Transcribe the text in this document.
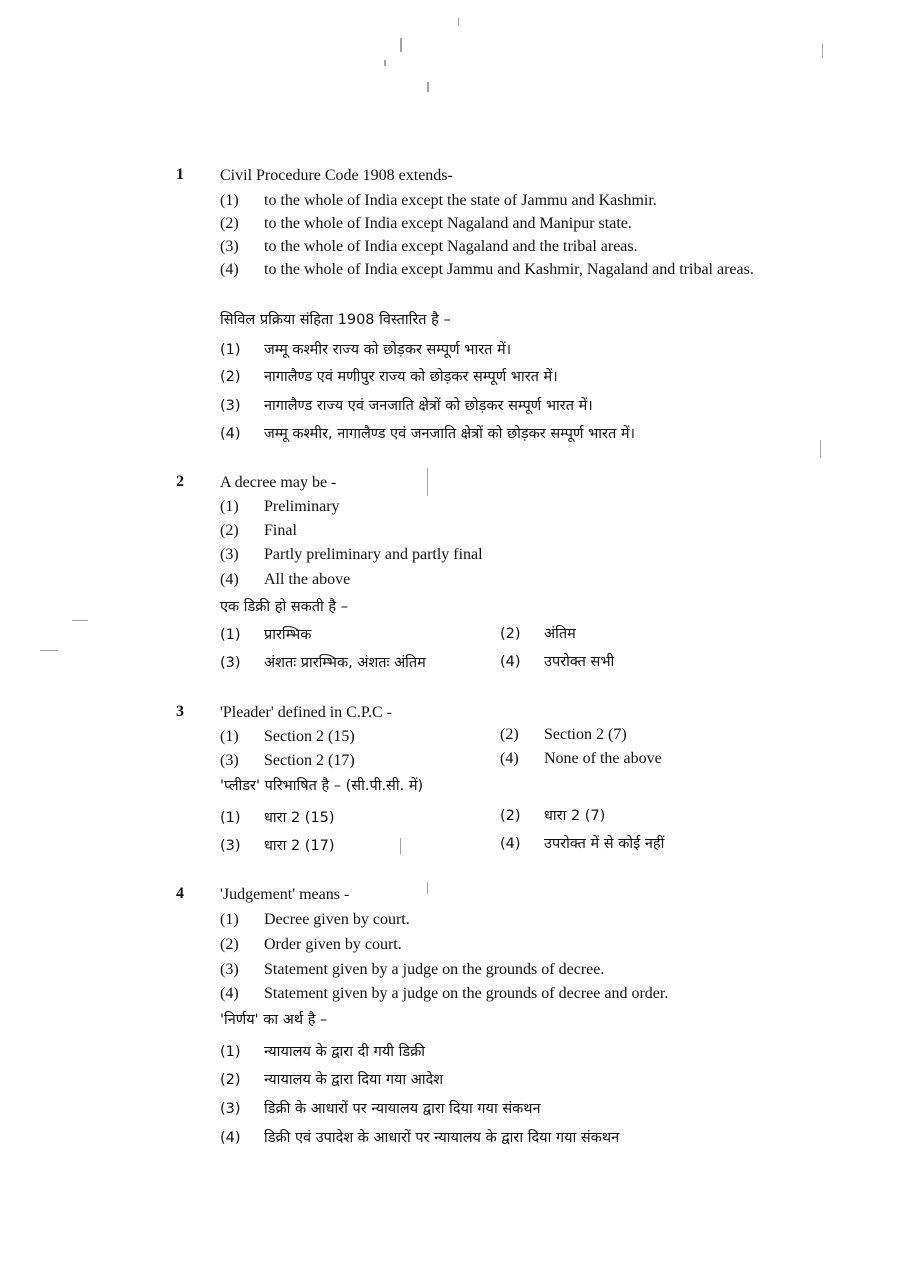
1 Civil Procedure Code 1908 extends-
(1) to the whole of India except the state of Jammu and Kashmir.
(2) to the whole of India except Nagaland and Manipur state.
(3) to the whole of India except Nagaland and the tribal areas.
(4) to the whole of India except Jammu and Kashmir, Nagaland and tribal areas.
सिविल प्रक्रिया संहिता 1908 विस्तारित है –
(1) जम्मू कश्मीर राज्य को छोड़कर सम्पूर्ण भारत में।
(2) नागालैण्ड एवं मणीपुर राज्य को छोड़कर सम्पूर्ण भारत में।
(3) नागालैण्ड राज्य एवं जनजाति क्षेत्रों को छोड़कर सम्पूर्ण भारत में।
(4) जम्मू कश्मीर, नागालैण्ड एवं जनजाति क्षेत्रों को छोड़कर सम्पूर्ण भारत में।
2 A decree may be -
(1) Preliminary
(2) Final
(3) Partly preliminary and partly final
(4) All the above
एक डिक्री हो सकती है –
(1) प्रारम्भिक	(2) अंतिम
(3) अंशतः प्रारम्भिक, अंशतः अंतिम	(4) उपरोक्त सभी
3 'Pleader' defined in C.P.C -
(1) Section 2 (15)	(2) Section 2 (7)
(3) Section 2 (17)	(4) None of the above
'प्लीडर' परिभाषित है – (सी.पी.सी. में)
(1) धारा 2 (15)	(2) धारा 2 (7)
(3) धारा 2 (17)	(4) उपरोक्त में से कोई नहीं
4 'Judgement' means -
(1) Decree given by court.
(2) Order given by court.
(3) Statement given by a judge on the grounds of decree.
(4) Statement given by a judge on the grounds of decree and order.
'निर्णय' का अर्थ है –
(1) न्यायालय के द्वारा दी गयी डिक्री
(2) न्यायालय के द्वारा दिया गया आदेश
(3) डिक्री के आधारों पर न्यायालय द्वारा दिया गया संकथन
(4) डिक्री एवं उपादेश के आधारों पर न्यायालय के द्वारा दिया गया संकथन
